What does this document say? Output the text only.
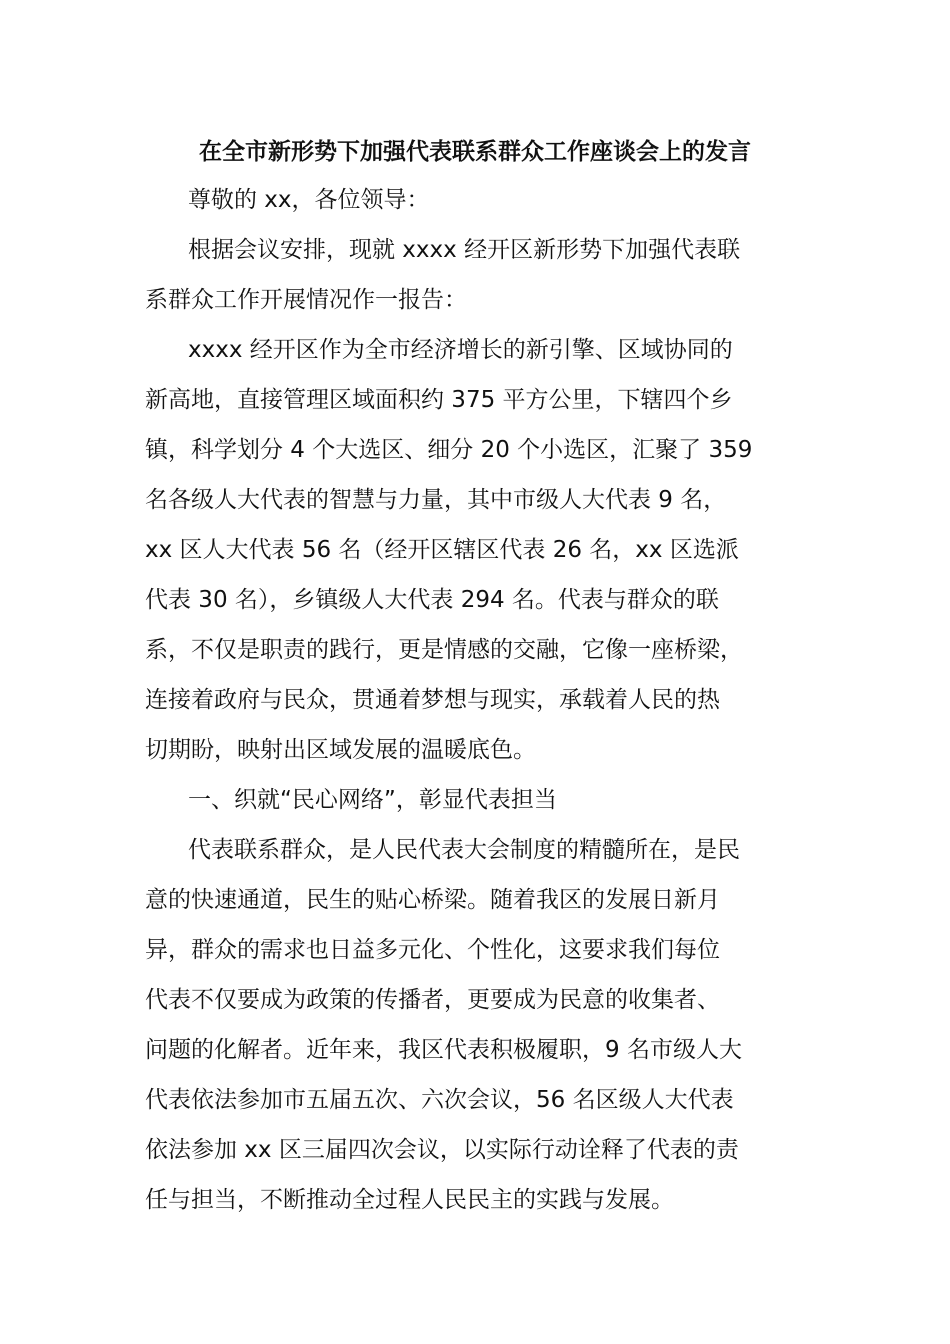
在全市新形势下加强代表联系群众工作座谈会上的发言

尊敬的 xx，各位领导：

根据会议安排，现就 xxxx 经开区新形势下加强代表联

系群众工作开展情况作一报告：

xxxx 经开区作为全市经济增长的新引擎、区域协同的

新高地，直接管理区域面积约 375 平方公里，下辖四个乡

镇，科学划分 4 个大选区、细分 20 个小选区，汇聚了 359

名各级人大代表的智慧与力量，其中市级人大代表 9 名，

xx 区人大代表 56 名（经开区辖区代表 26 名，xx 区选派

代表 30 名），乡镇级人大代表 294 名。代表与群众的联

系，不仅是职责的践行，更是情感的交融，它像一座桥梁，

连接着政府与民众，贯通着梦想与现实，承载着人民的热

切期盼，映射出区域发展的温暖底色。

一、织就“民心网络”，彰显代表担当

代表联系群众，是人民代表大会制度的精髓所在，是民

意的快速通道，民生的贴心桥梁。随着我区的发展日新月

异，群众的需求也日益多元化、个性化，这要求我们每位

代表不仅要成为政策的传播者，更要成为民意的收集者、

问题的化解者。近年来，我区代表积极履职，9 名市级人大

代表依法参加市五届五次、六次会议，56 名区级人大代表

依法参加 xx 区三届四次会议，以实际行动诠释了代表的责

任与担当，不断推动全过程人民民主的实践与发展。
